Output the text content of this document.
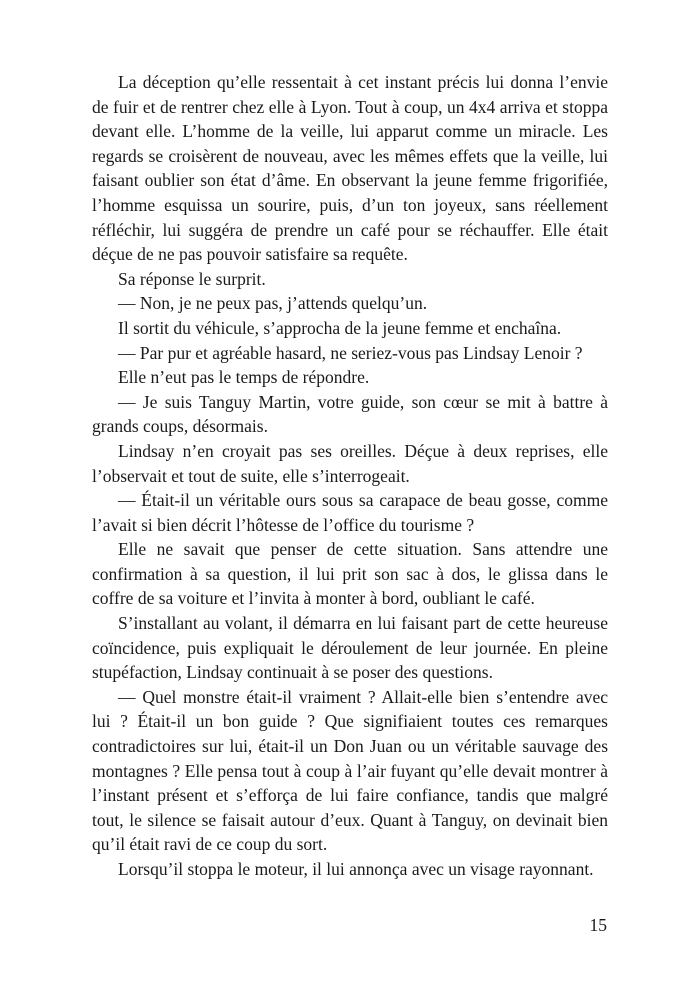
La déception qu’elle ressentait à cet instant précis lui donna l’envie de fuir et de rentrer chez elle à Lyon. Tout à coup, un 4x4 arriva et stoppa devant elle. L’homme de la veille, lui apparut comme un miracle. Les regards se croisèrent de nouveau, avec les mêmes effets que la veille, lui faisant oublier son état d’âme. En observant la jeune femme frigorifiée, l’homme esquissa un sourire, puis, d’un ton joyeux, sans réellement réfléchir, lui suggéra de prendre un café pour se réchauffer. Elle était déçue de ne pas pouvoir satisfaire sa requête.

Sa réponse le surprit.

— Non, je ne peux pas, j’attends quelqu’un.

Il sortit du véhicule, s’approcha de la jeune femme et enchaîna.

— Par pur et agréable hasard, ne seriez-vous pas Lindsay Lenoir ?

Elle n’eut pas le temps de répondre.

— Je suis Tanguy Martin, votre guide, son cœur se mit à battre à grands coups, désormais.

Lindsay n’en croyait pas ses oreilles. Déçue à deux reprises, elle l’observait et tout de suite, elle s’interrogeait.

— Était-il un véritable ours sous sa carapace de beau gosse, comme l’avait si bien décrit l’hôtesse de l’office du tourisme ?

Elle ne savait que penser de cette situation. Sans attendre une confirmation à sa question, il lui prit son sac à dos, le glissa dans le coffre de sa voiture et l’invita à monter à bord, oubliant le café.

S’installant au volant, il démarra en lui faisant part de cette heureuse coïncidence, puis expliquait le déroulement de leur journée. En pleine stupéfaction, Lindsay continuait à se poser des questions.

— Quel monstre était-il vraiment ? Allait-elle bien s’entendre avec lui ? Était-il un bon guide ? Que signifiaient toutes ces remarques contradictoires sur lui, était-il un Don Juan ou un véritable sauvage des montagnes ? Elle pensa tout à coup à l’air fuyant qu’elle devait montrer à l’instant présent et s’efforça de lui faire confiance, tandis que malgré tout, le silence se faisait autour d’eux. Quant à Tanguy, on devinait bien qu’il était ravi de ce coup du sort.

Lorsqu’il stoppa le moteur, il lui annonça avec un visage rayonnant.

15
